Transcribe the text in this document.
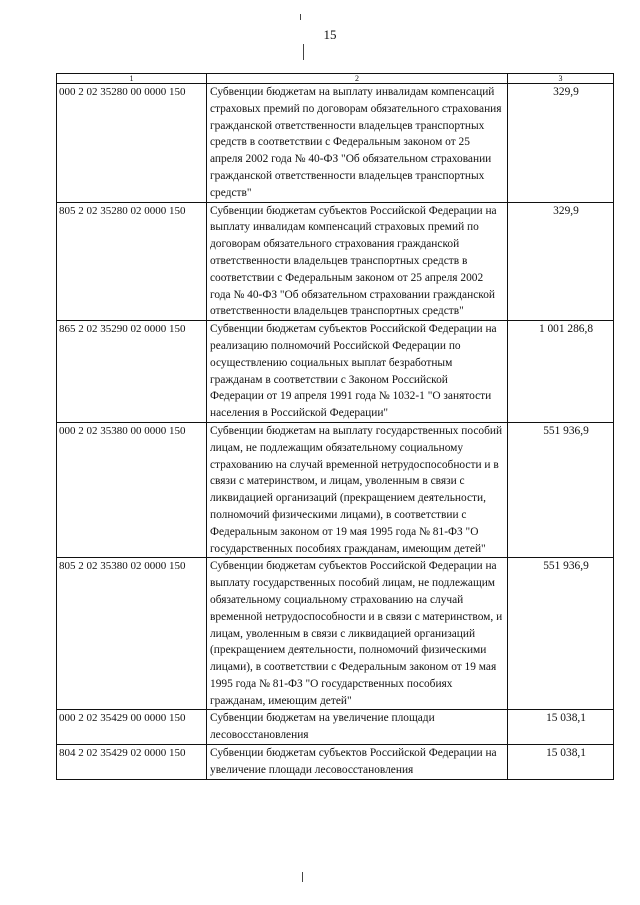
15
1	2	3
000 2 02 35280 00 0000 150	Субвенции бюджетам на выплату инвалидам компенсаций страховых премий по договорам обязательного страхования гражданской ответственности владельцев транспортных средств в соответствии с Федеральным законом от 25 апреля 2002 года № 40-ФЗ "Об обязательном страховании гражданской ответственности владельцев транспортных средств"	329,9
805 2 02 35280 02 0000 150	Субвенции бюджетам субъектов Российской Федерации на выплату инвалидам компенсаций страховых премий по договорам обязательного страхования гражданской ответственности владельцев транспортных средств в соответствии с Федеральным законом от 25 апреля 2002 года № 40-ФЗ "Об обязательном страховании гражданской ответственности владельцев транспортных средств"	329,9
865 2 02 35290 02 0000 150	Субвенции бюджетам субъектов Российской Федерации на реализацию полномочий Российской Федерации по осуществлению социальных выплат безработным гражданам в соответствии с Законом Российской Федерации от 19 апреля 1991 года № 1032-1 "О занятости населения в Российской Федерации"	1 001 286,8
000 2 02 35380 00 0000 150	Субвенции бюджетам на выплату государственных пособий лицам, не подлежащим обязательному социальному страхованию на случай временной нетрудоспособности и в связи с материнством, и лицам, уволенным в связи с ликвидацией организаций (прекращением деятельности, полномочий физическими лицами), в соответствии с Федеральным законом от 19 мая 1995 года № 81-ФЗ "О государственных пособиях гражданам, имеющим детей"	551 936,9
805 2 02 35380 02 0000 150	Субвенции бюджетам субъектов Российской Федерации на выплату государственных пособий лицам, не подлежащим обязательному социальному страхованию на случай временной нетрудоспособности и в связи с материнством, и лицам, уволенным в связи с ликвидацией организаций (прекращением деятельности, полномочий физическими лицами), в соответствии с Федеральным законом от 19 мая 1995 года № 81-ФЗ "О государственных пособиях гражданам, имеющим детей"	551 936,9
000 2 02 35429 00 0000 150	Субвенции бюджетам на увеличение площади лесовосстановления	15 038,1
804 2 02 35429 02 0000 150	Субвенции бюджетам субъектов Российской Федерации на увеличение площади лесовосстановления	15 038,1
